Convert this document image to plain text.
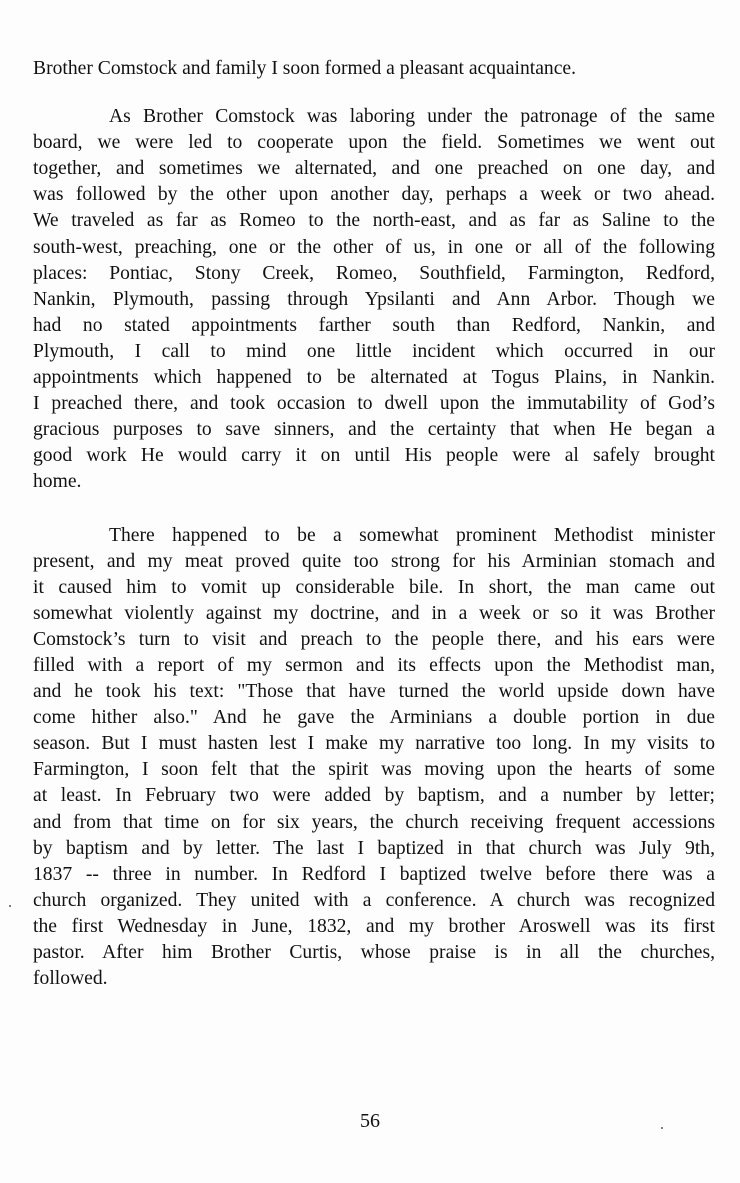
Brother Comstock and family I soon formed a pleasant acquaintance.
As Brother Comstock was laboring under the patronage of the same
board, we were led to cooperate upon the field. Sometimes we went out
together, and sometimes we alternated, and one preached on one day, and
was followed by the other upon another day, perhaps a week or two ahead.
We traveled as far as Romeo to the north-east, and as far as Saline to the
south-west, preaching, one or the other of us, in one or all of the following
places: Pontiac, Stony Creek, Romeo, Southfield, Farmington, Redford,
Nankin, Plymouth, passing through Ypsilanti and Ann Arbor. Though we
had no stated appointments farther south than Redford, Nankin, and
Plymouth, I call to mind one little incident which occurred in our
appointments which happened to be alternated at Togus Plains, in Nankin.
I preached there, and took occasion to dwell upon the immutability of God’s
gracious purposes to save sinners, and the certainty that when He began a
good work He would carry it on until His people were al safely brought
home.
There happened to be a somewhat prominent Methodist minister
present, and my meat proved quite too strong for his Arminian stomach and
it caused him to vomit up considerable bile. In short, the man came out
somewhat violently against my doctrine, and in a week or so it was Brother
Comstock’s turn to visit and preach to the people there, and his ears were
filled with a report of my sermon and its effects upon the Methodist man,
and he took his text: "Those that have turned the world upside down have
come hither also." And he gave the Arminians a double portion in due
season. But I must hasten lest I make my narrative too long. In my visits to
Farmington, I soon felt that the spirit was moving upon the hearts of some
at least. In February two were added by baptism, and a number by letter;
and from that time on for six years, the church receiving frequent accessions
by baptism and by letter. The last I baptized in that church was July 9th,
1837 -- three in number. In Redford I baptized twelve before there was a
church organized. They united with a conference. A church was recognized
the first Wednesday in June, 1832, and my brother Aroswell was its first
pastor. After him Brother Curtis, whose praise is in all the churches,
followed.
56
